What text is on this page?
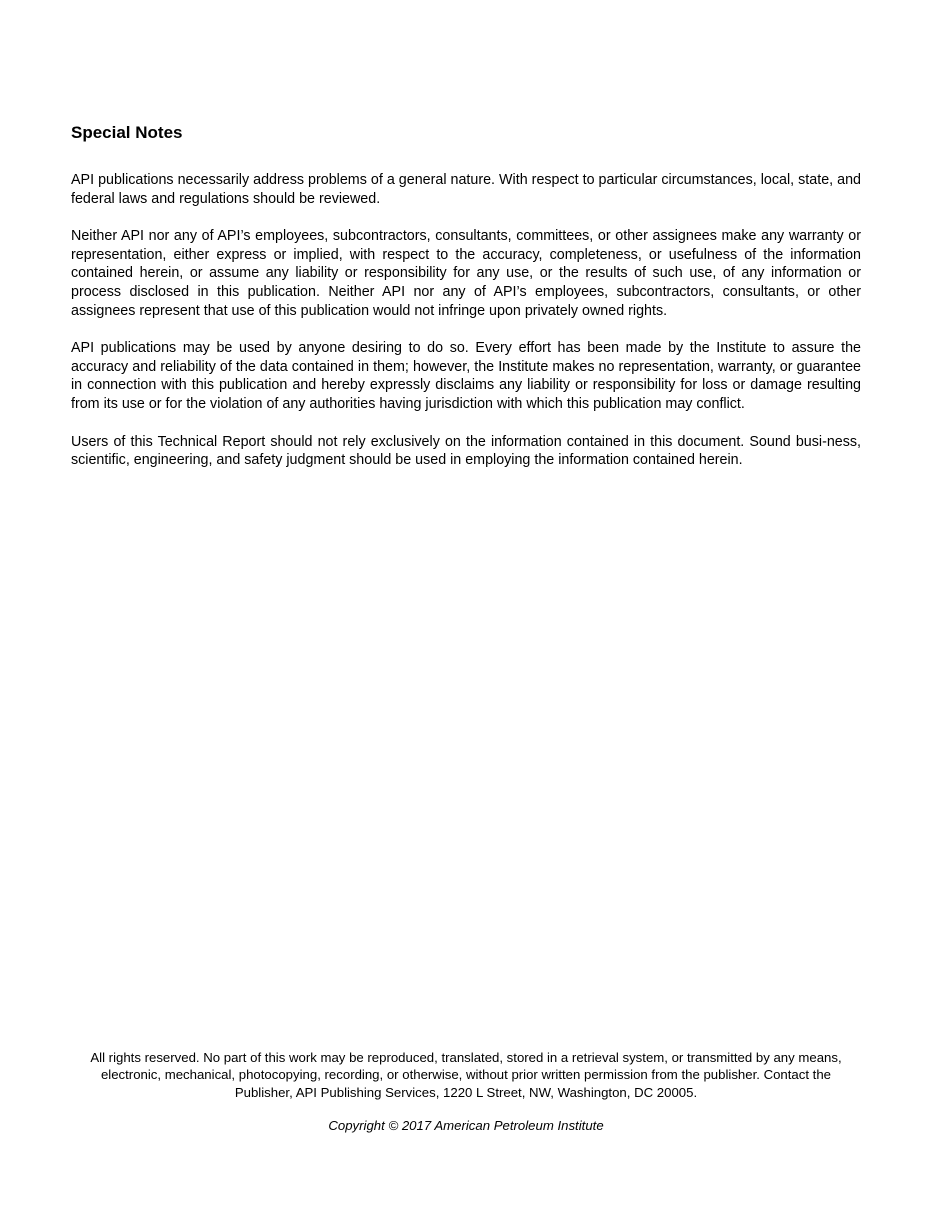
Special Notes

API publications necessarily address problems of a general nature. With respect to particular circumstances, local, state, and federal laws and regulations should be reviewed.

Neither API nor any of API’s employees, subcontractors, consultants, committees, or other assignees make any warranty or representation, either express or implied, with respect to the accuracy, completeness, or usefulness of the information contained herein, or assume any liability or responsibility for any use, or the results of such use, of any information or process disclosed in this publication. Neither API nor any of API’s employees, subcontractors, consultants, or other assignees represent that use of this publication would not infringe upon privately owned rights.

API publications may be used by anyone desiring to do so. Every effort has been made by the Institute to assure the accuracy and reliability of the data contained in them; however, the Institute makes no representation, warranty, or guarantee in connection with this publication and hereby expressly disclaims any liability or responsibility for loss or damage resulting from its use or for the violation of any authorities having jurisdiction with which this publication may conflict.

Users of this Technical Report should not rely exclusively on the information contained in this document. Sound busi-ness, scientific, engineering, and safety judgment should be used in employing the information contained herein.

All rights reserved. No part of this work may be reproduced, translated, stored in a retrieval system, or transmitted by any means, electronic, mechanical, photocopying, recording, or otherwise, without prior written permission from the publisher. Contact the Publisher, API Publishing Services, 1220 L Street, NW, Washington, DC 20005.

Copyright © 2017 American Petroleum Institute
